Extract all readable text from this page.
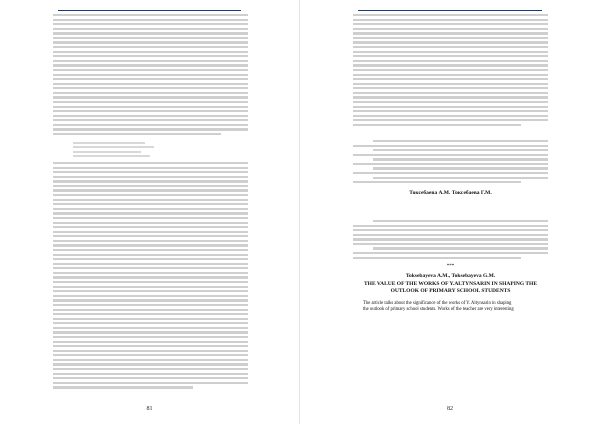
81
Токсебаева А.М. Токсебаева Г.М.
***
Toksebayeva A.M., Toksebayeva G.M.
THE VALUE OF THE WORKS OF Y.ALTYNSARIN IN SHAPING THE OUTLOOK OF PRIMARY SCHOOL STUDENTS
The article talks about the significance of the works of Y. Altynsarin in shaping
the outlook of primary school students. Works of the teacher are very interesting
82
